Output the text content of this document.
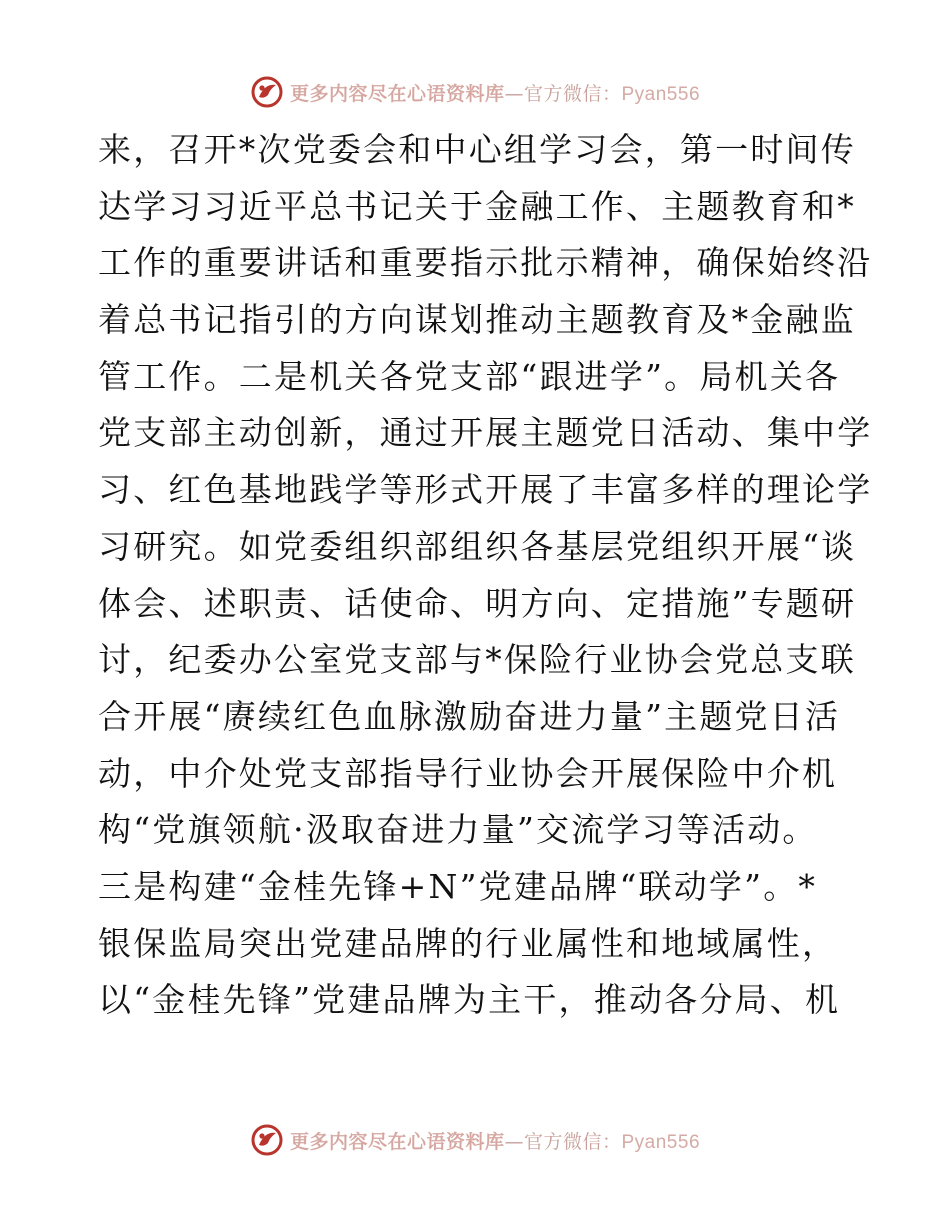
更多内容尽在心语资料库—官方微信：Pyan556
来，召开*次党委会和中心组学习会，第一时间传
达学习习近平总书记关于金融工作、主题教育和*
工作的重要讲话和重要指示批示精神，确保始终沿
着总书记指引的方向谋划推动主题教育及*金融监
管工作。二是机关各党支部“跟进学”。局机关各
党支部主动创新，通过开展主题党日活动、集中学
习、红色基地践学等形式开展了丰富多样的理论学
习研究。如党委组织部组织各基层党组织开展“谈
体会、述职责、话使命、明方向、定措施”专题研
讨，纪委办公室党支部与*保险行业协会党总支联
合开展“赓续红色血脉激励奋进力量”主题党日活
动，中介处党支部指导行业协会开展保险中介机
构“党旗领航·汲取奋进力量”交流学习等活动。
三是构建“金桂先锋+N”党建品牌“联动学”。*
银保监局突出党建品牌的行业属性和地域属性，
以“金桂先锋”党建品牌为主干，推动各分局、机
更多内容尽在心语资料库—官方微信：Pyan556
